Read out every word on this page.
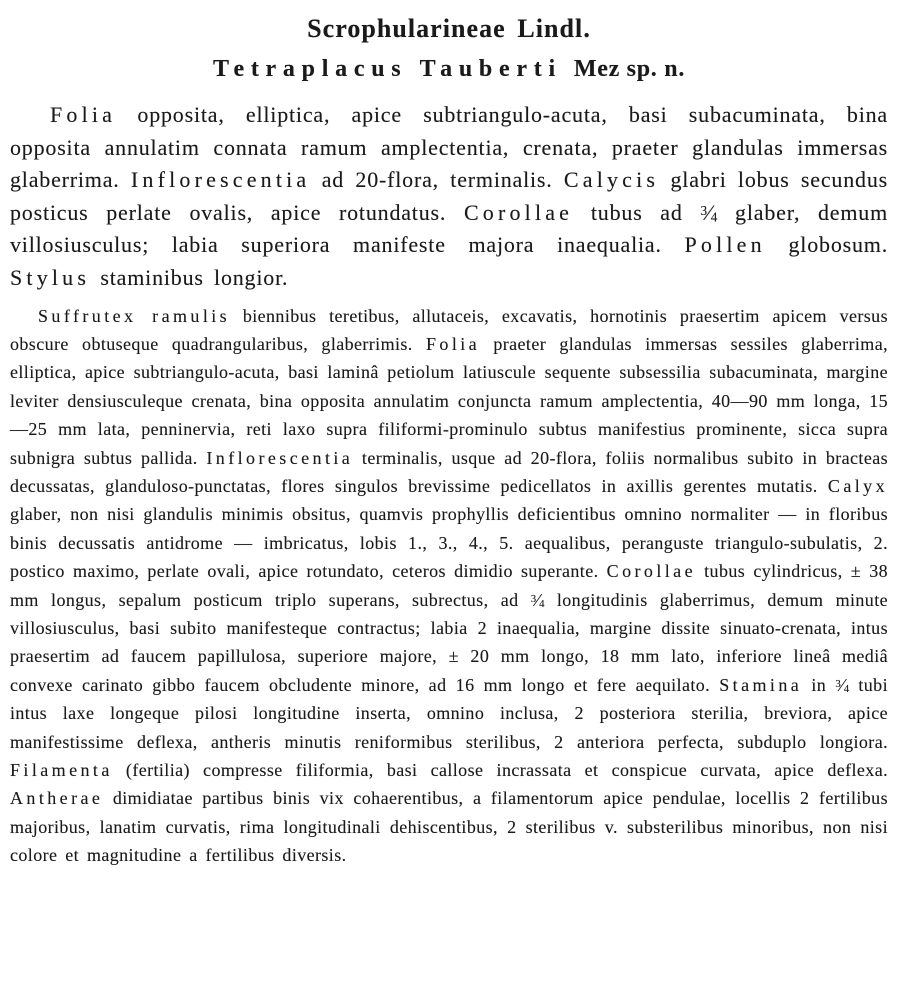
Scrophularineae Lindl.
Tetraplacus Tauberti Mez sp. n.

Folia opposita, elliptica, apice subtriangulo-acuta, basi subacuminata, bina opposita annulatim connata ramum amplectentia, crenata, praeter glandulas immersas glaberrima. Inflorescentia ad 20-flora, terminalis. Calycis glabri lobus secundus posticus perlate ovalis, apice rotundatus. Corollae tubus ad $^3⁄_4$ glaber, demum villosiusculus; labia superiora manifeste majora inaequalia. Pollen globosum. Stylus staminibus longior.

Suffrutex ramulis biennibus teretibus, allutaceis, excavatis, hornotinis praesertim apicem versus obscure obtuseque quadrangularibus, glaberrimis. Folia praeter glandulas immersas sessiles glaberrima, elliptica, apice subtriangulo-acuta, basi laminâ petiolum latiuscule sequente subsessilia subacuminata, margine leviter densiusculeque crenata, bina opposita annulatim conjuncta ramum amplectentia, 40—90 mm longa, 15—25 mm lata, penninervia, reti laxo supra filiformi-prominulo subtus manifestius prominente, sicca supra subnigra subtus pallida. Inflorescentia terminalis, usque ad 20-flora, foliis normalibus subito in bracteas decussatas, glanduloso-punctatas, flores singulos brevissime pedicellatos in axillis gerentes mutatis. Calyx glaber, non nisi glandulis minimis obsitus, quamvis prophyllis deficientibus omnino normaliter — in floribus binis decussatis antidrome — imbricatus, lobis 1., 3., 4., 5. aequalibus, peranguste triangulo-subulatis, 2. postico maximo, perlate ovali, apice rotundato, ceteros dimidio superante. Corollae tubus cylindricus, ± 38 mm longus, sepalum posticum triplo superans, subrectus, ad $^3⁄_4$ longitudinis glaberrimus, demum minute villosiusculus, basi subito manifesteque contractus; labia 2 inaequalia, margine dissite sinuato-crenata, intus praesertim ad faucem papillulosa, superiore majore, ± 20 mm longo, 18 mm lato, inferiore lineâ mediâ convexe carinato gibbo faucem obcludente minore, ad 16 mm longo et fere aequilato. Stamina in $^3⁄_4$ tubi intus laxe longeque pilosi longitudine inserta, omnino inclusa, 2 posteriora sterilia, breviora, apice manifestissime deflexa, antheris minutis reniformibus sterilibus, 2 anteriora perfecta, subduplo longiora. Filamenta (fertilia) compresse filiformia, basi callose incrassata et conspicue curvata, apice deflexa. Antherae dimidiatae partibus binis vix cohaerentibus, a filamentorum apice pendulae, locellis 2 fertilibus majoribus, lanatim curvatis, rima longitudinali dehiscentibus, 2 sterilibus v. substerilibus minoribus, non nisi colore et magnitudine a fertilibus diversis.
